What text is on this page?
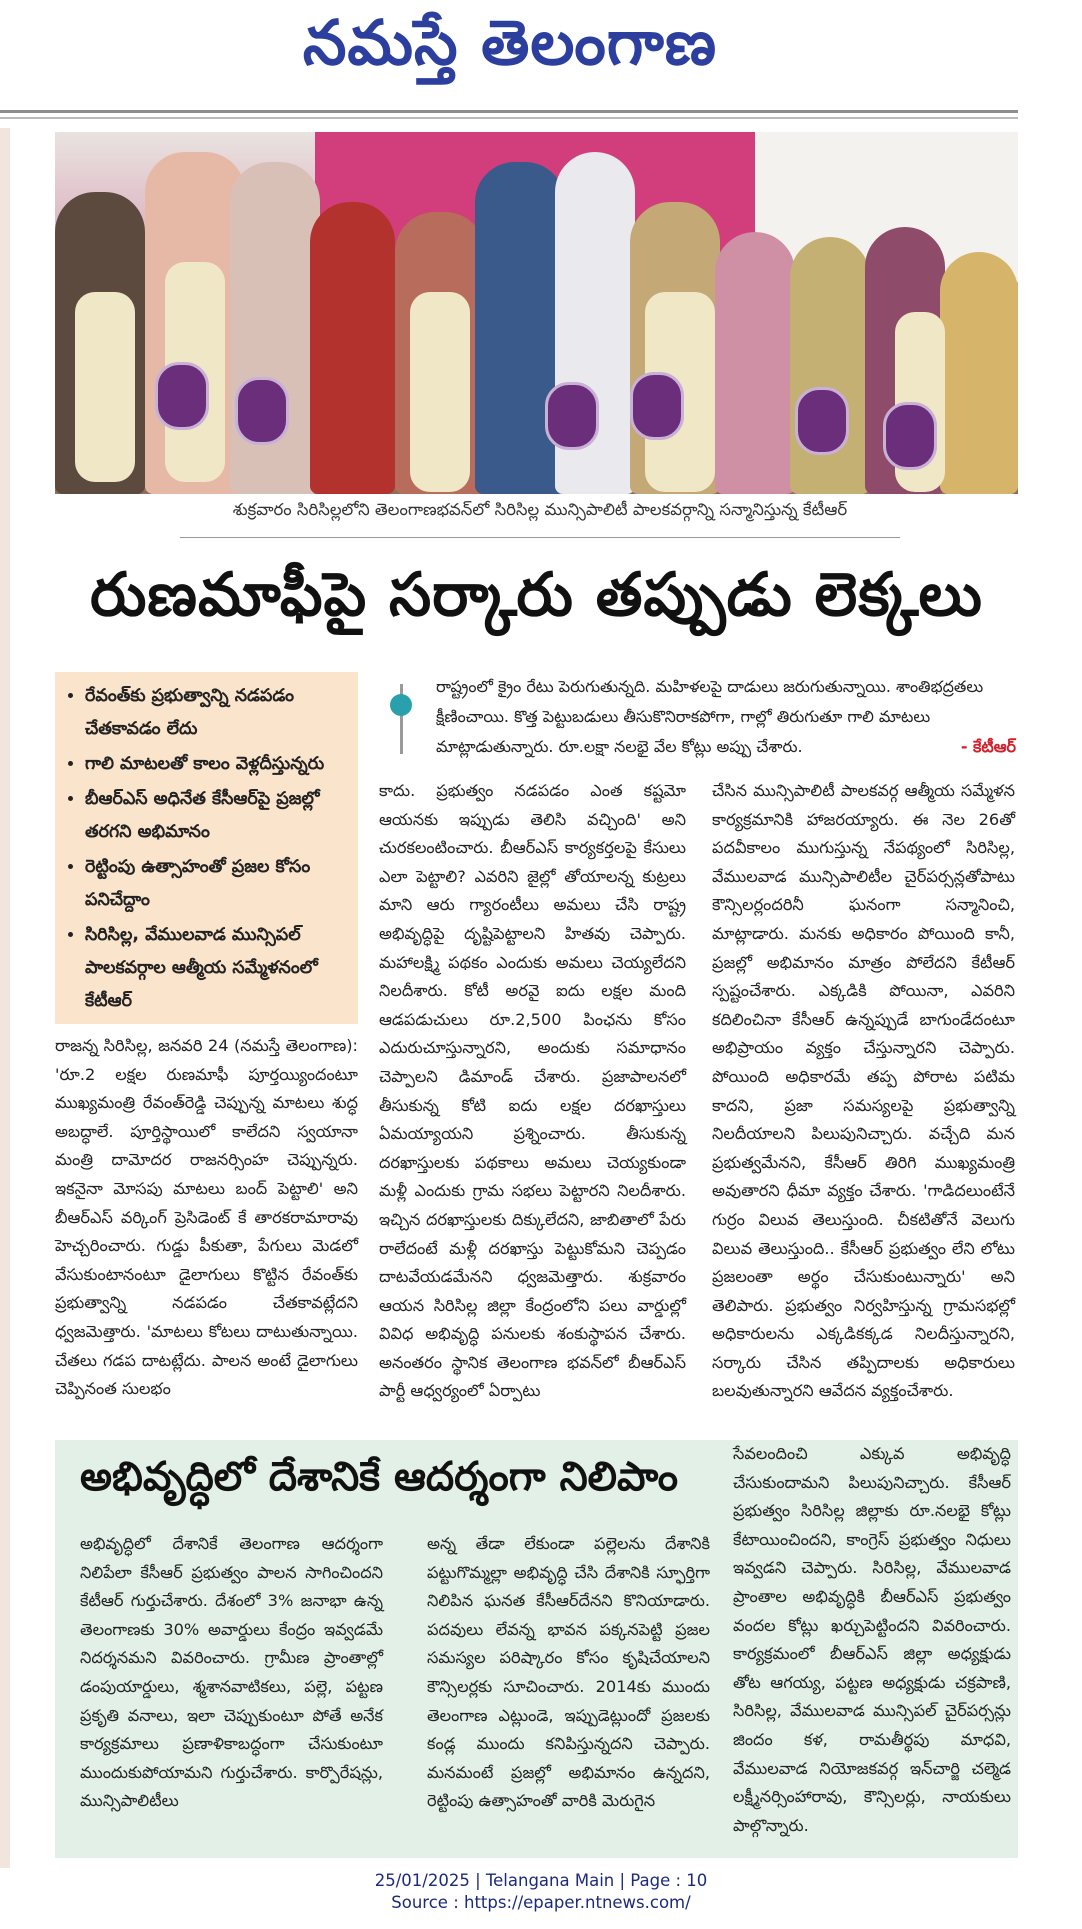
నమస్తే తెలంగాణ
శుక్రవారం సిరిసిల్లలోని తెలంగాణభవన్‌లో సిరిసిల్ల మున్సిపాలిటీ పాలకవర్గాన్ని సన్మానిస్తున్న కేటీఆర్
రుణమాఫీపై సర్కారు తప్పుడు లెక్కలు
• రేవంత్‌కు ప్రభుత్వాన్ని నడపడం చేతకావడం లేదు
• గాలి మాటలతో కాలం వెళ్లదీస్తున్నరు
• బీఆర్‌ఎస్ అధినేత కేసీఆర్‌పై ప్రజల్లో తరగని అభిమానం
• రెట్టింపు ఉత్సాహంతో ప్రజల కోసం పనిచేద్దాం
• సిరిసిల్ల, వేములవాడ మున్సిపల్ పాలకవర్గాల ఆత్మీయ సమ్మేళనంలో కేటీఆర్
రాష్ట్రంలో క్రైం రేటు పెరుగుతున్నది. మహిళలపై దాడులు జరుగుతున్నాయి. శాంతిభద్రతలు క్షీణించాయి. కొత్త పెట్టుబడులు తీసుకొనిరాకపోగా, గాల్లో తిరుగుతూ గాలి మాటలు మాట్లాడుతున్నారు. రూ.లక్షా నలభై వేల కోట్లు అప్పు చేశారు.	- కేటీఆర్
రాజన్న సిరిసిల్ల, జనవరి 24 (నమస్తే తెలంగాణ): 'రూ.2 లక్షల రుణమాఫీ పూర్తయ్యిందంటూ ముఖ్యమంత్రి రేవంత్‌రెడ్డి చెప్పున్న మాటలు శుద్ధ అబద్ధాలే. పూర్తిస్థాయిలో కాలేదని స్వయానా మంత్రి దామోదర రాజనర్సింహ చెప్పున్నరు. ఇకనైనా మోసపు మాటలు బంద్ పెట్టాలి' అని బీఆర్‌ఎస్ వర్కింగ్ ప్రెసిడెంట్ కే తారకరామారావు హెచ్చరించారు. గుడ్డు పీకుతా, పేగులు మెడలో వేసుకుంటానంటూ డైలాగులు కొట్టిన రేవంత్‌కు ప్రభుత్వాన్ని నడపడం చేతకావట్లేదని ధ్వజమెత్తారు. 'మాటలు కోటలు దాటుతున్నాయి. చేతలు గడప దాటట్లేదు. పాలన అంటే డైలాగులు చెప్పినంత సులభం
కాదు. ప్రభుత్వం నడపడం ఎంత కష్టమో ఆయనకు ఇప్పుడు తెలిసి వచ్చింది' అని చురకలంటించారు. బీఆర్‌ఎస్ కార్యకర్తలపై కేసులు ఎలా పెట్టాలి? ఎవరిని జైల్లో తోయాలన్న కుట్రలు మాని ఆరు గ్యారంటీలు అమలు చేసి రాష్ట్ర అభివృద్ధిపై దృష్టిపెట్టాలని హితవు చెప్పారు. మహాలక్ష్మి పథకం ఎందుకు అమలు చెయ్యలేదని నిలదీశారు. కోటీ అరవై ఐదు లక్షల మంది ఆడపడుచులు రూ.2,500 పింఛను కోసం ఎదురుచూస్తున్నారని, అందుకు సమాధానం చెప్పాలని డిమాండ్ చేశారు. ప్రజాపాలనలో తీసుకున్న కోటి ఐదు లక్షల దరఖాస్తులు ఏమయ్యాయని ప్రశ్నించారు. తీసుకున్న దరఖాస్తులకు పథకాలు అమలు చెయ్యకుండా మళ్లీ ఎందుకు గ్రామ సభలు పెట్టారని నిలదీశారు. ఇచ్చిన దరఖాస్తులకు దిక్కులేదని, జాబితాలో పేరు రాలేదంటే మళ్లీ దరఖాస్తు పెట్టుకోమని చెప్పడం దాటవేయడమేనని ధ్వజమెత్తారు. శుక్రవారం ఆయన సిరిసిల్ల జిల్లా కేంద్రంలోని పలు వార్డుల్లో వివిధ అభివృద్ధి పనులకు శంకుస్థాపన చేశారు. అనంతరం స్థానిక తెలంగాణ భవన్‌లో బీఆర్‌ఎస్ పార్టీ ఆధ్వర్యంలో ఏర్పాటు
చేసిన మున్సిపాలిటీ పాలకవర్గ ఆత్మీయ సమ్మేళన కార్యక్రమానికి హాజరయ్యారు. ఈ నెల 26తో పదవీకాలం ముగుస్తున్న నేపథ్యంలో సిరిసిల్ల, వేములవాడ మున్సిపాలిటీల చైర్‌పర్సన్లతోపాటు కౌన్సిలర్లందరినీ ఘనంగా సన్మానించి, మాట్లాడారు. మనకు అధికారం పోయింది కానీ, ప్రజల్లో అభిమానం మాత్రం పోలేదని కేటీఆర్ స్పష్టంచేశారు. ఎక్కడికి పోయినా, ఎవరిని కదిలించినా కేసీఆర్ ఉన్నప్పుడే బాగుండేదంటూ అభిప్రాయం వ్యక్తం చేస్తున్నారని చెప్పారు. పోయింది అధికారమే తప్ప పోరాట పటిమ కాదని, ప్రజా సమస్యలపై ప్రభుత్వాన్ని నిలదీయాలని పిలుపునిచ్చారు. వచ్చేది మన ప్రభుత్వమేనని, కేసీఆర్ తిరిగి ముఖ్యమంత్రి అవుతారని ధీమా వ్యక్తం చేశారు. 'గాడిదలుంటేనే గుర్రం విలువ తెలుస్తుంది. చీకటితోనే వెలుగు విలువ తెలుస్తుంది.. కేసీఆర్ ప్రభుత్వం లేని లోటు ప్రజలంతా అర్థం చేసుకుంటున్నారు' అని తెలిపారు. ప్రభుత్వం నిర్వహిస్తున్న గ్రామసభల్లో అధికారులను ఎక్కడికక్కడ నిలదీస్తున్నారని, సర్కారు చేసిన తప్పిదాలకు అధికారులు బలవుతున్నారని ఆవేదన వ్యక్తంచేశారు.
అభివృద్ధిలో దేశానికే ఆదర్శంగా నిలిపాం
అభివృద్ధిలో దేశానికే తెలంగాణ ఆదర్శంగా నిలిపేలా కేసీఆర్ ప్రభుత్వం పాలన సాగించిందని కేటీఆర్ గుర్తుచేశారు. దేశంలో 3% జనాభా ఉన్న తెలంగాణకు 30% అవార్డులు కేంద్రం ఇవ్వడమే నిదర్శనమని వివరించారు. గ్రామీణ ప్రాంతాల్లో డంపుయార్డులు, శ్మశానవాటికలు, పల్లె, పట్టణ ప్రకృతి వనాలు, ఇలా చెప్పుకుంటూ పోతే అనేక కార్యక్రమాలు ప్రణాళికాబద్ధంగా చేసుకుంటూ ముందుకుపోయామని గుర్తుచేశారు. కార్పొరేషన్లు, మున్సిపాలిటీలు
అన్న తేడా లేకుండా పల్లెలను దేశానికి పట్టుగొమ్మల్లా అభివృద్ధి చేసి దేశానికి స్ఫూర్తిగా నిలిపిన ఘనత కేసీఆర్‌దేనని కొనియాడారు. పదవులు లేవన్న భావన పక్కనపెట్టి ప్రజల సమస్యల పరిష్కారం కోసం కృషిచేయాలని కౌన్సిలర్లకు సూచించారు. 2014కు ముందు తెలంగాణ ఎట్లుండె, ఇప్పుడెట్లుందో ప్రజలకు కండ్ల ముందు కనిపిస్తున్నదని చెప్పారు. మనమంటే ప్రజల్లో అభిమానం ఉన్నదని, రెట్టింపు ఉత్సాహంతో వారికి మెరుగైన
సేవలందించి ఎక్కువ అభివృద్ధి చేసుకుందామని పిలుపునిచ్చారు. కేసీఆర్ ప్రభుత్వం సిరిసిల్ల జిల్లాకు రూ.నలభై కోట్లు కేటాయించిందని, కాంగ్రెస్ ప్రభుత్వం నిధులు ఇవ్వడని చెప్పారు. సిరిసిల్ల, వేములవాడ ప్రాంతాల అభివృద్ధికి బీఆర్‌ఎస్ ప్రభుత్వం వందల కోట్లు ఖర్చుపెట్టిందని వివరించారు. కార్యక్రమంలో బీఆర్‌ఎస్ జిల్లా అధ్యక్షుడు తోట ఆగయ్య, పట్టణ అధ్యక్షుడు చక్రపాణి, సిరిసిల్ల, వేములవాడ మున్సిపల్ చైర్‌పర్సన్లు జిందం కళ, రామతీర్థపు మాధవి, వేములవాడ నియోజకవర్గ ఇన్‌చార్జి చల్మెడ లక్ష్మీనర్సింహారావు, కౌన్సిలర్లు, నాయకులు పాల్గొన్నారు.
25/01/2025 | Telangana Main | Page : 10
Source : https://epaper.ntnews.com/
